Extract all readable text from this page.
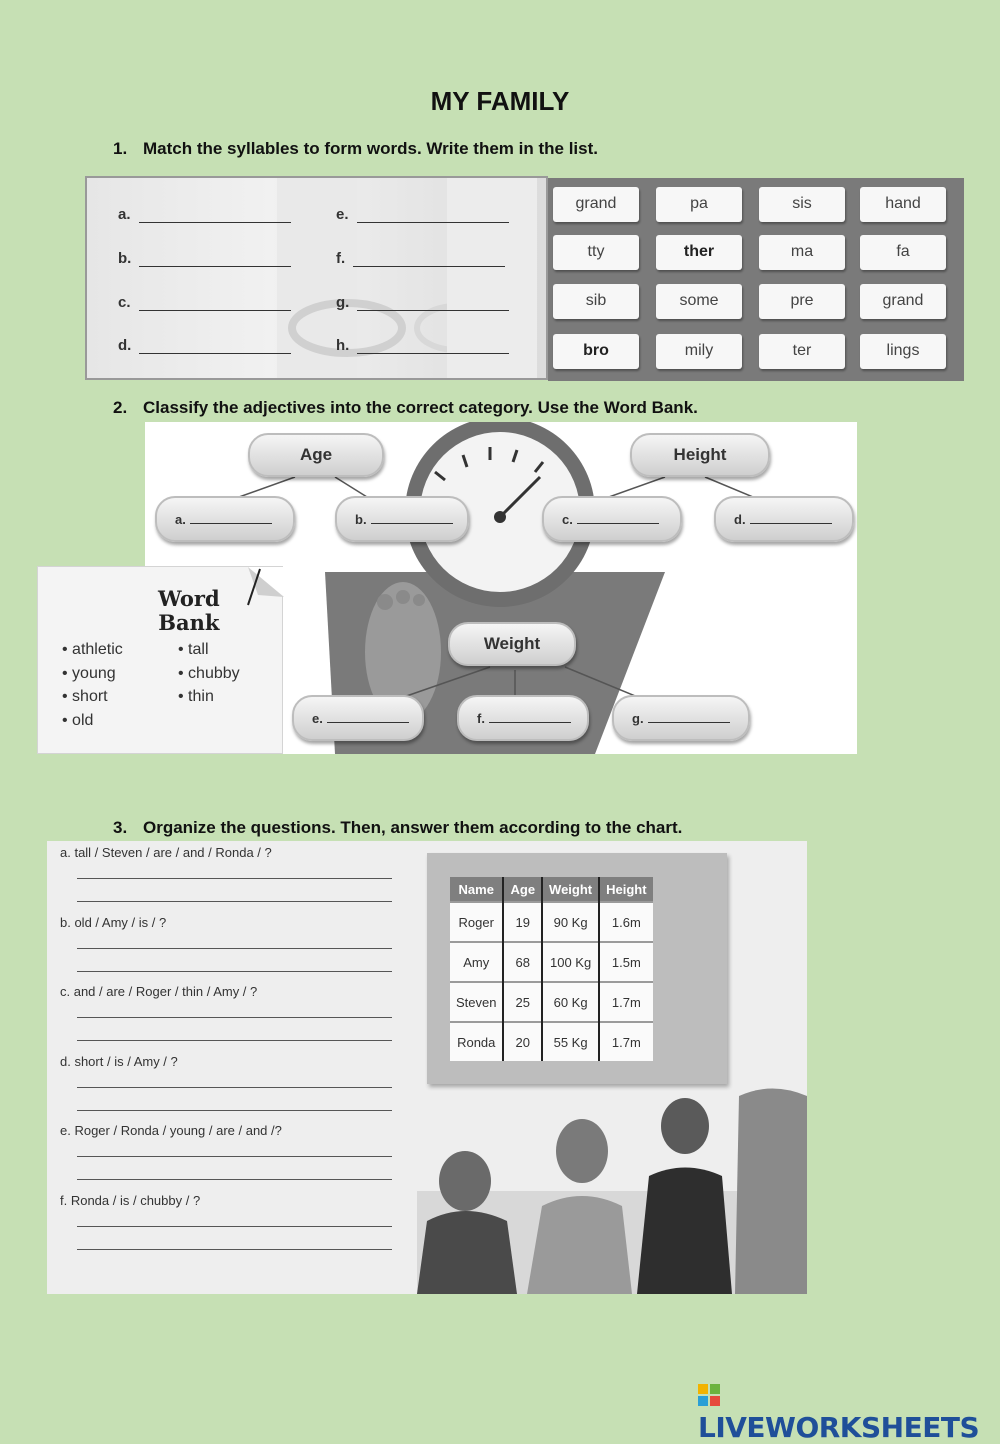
MY FAMILY
1. Match the syllables to form words. Write them in the list.
a.
b.
c.
d.
e.
f.
g.
h.
grand	pa	sis	hand
tty	ther	ma	fa
sib	some	pre	grand
bro	mily	ter	lings
2. Classify the adjectives into the correct category. Use the Word Bank.
Age	Height
Weight
a.	b.	c.	d.
e.	f.	g.
Word
Bank
• athletic
• young
• short
• old
• tall
• chubby
• thin
3. Organize the questions. Then, answer them according to the chart.
a. tall / Steven / are / and / Ronda / ?
b. old / Amy / is / ?
c. and / are / Roger / thin / Amy / ?
d. short / is / Amy / ?
e. Roger / Ronda / young / are / and /?
f. Ronda / is / chubby / ?
Name	Age	Weight	Height
Roger	19	90 Kg	1.6m
Amy	68	100 Kg	1.5m
Steven	25	60 Kg	1.7m
Ronda	20	55 Kg	1.7m
LIVEWORKSHEETS
